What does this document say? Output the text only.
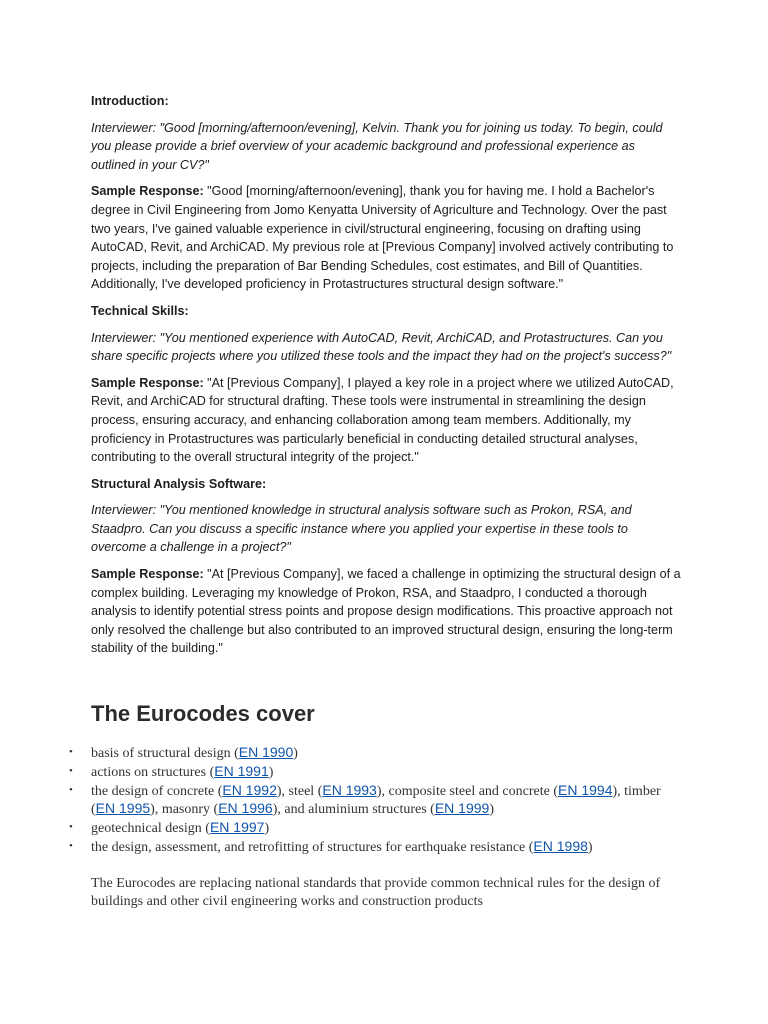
Introduction:

Interviewer: "Good [morning/afternoon/evening], Kelvin. Thank you for joining us today. To begin, could you please provide a brief overview of your academic background and professional experience as outlined in your CV?"

Sample Response: "Good [morning/afternoon/evening], thank you for having me. I hold a Bachelor's degree in Civil Engineering from Jomo Kenyatta University of Agriculture and Technology. Over the past two years, I've gained valuable experience in civil/structural engineering, focusing on drafting using AutoCAD, Revit, and ArchiCAD. My previous role at [Previous Company] involved actively contributing to projects, including the preparation of Bar Bending Schedules, cost estimates, and Bill of Quantities. Additionally, I've developed proficiency in Protastructures structural design software."

Technical Skills:

Interviewer: "You mentioned experience with AutoCAD, Revit, ArchiCAD, and Protastructures. Can you share specific projects where you utilized these tools and the impact they had on the project's success?"

Sample Response: "At [Previous Company], I played a key role in a project where we utilized AutoCAD, Revit, and ArchiCAD for structural drafting. These tools were instrumental in streamlining the design process, ensuring accuracy, and enhancing collaboration among team members. Additionally, my proficiency in Protastructures was particularly beneficial in conducting detailed structural analyses, contributing to the overall structural integrity of the project."

Structural Analysis Software:

Interviewer: "You mentioned knowledge in structural analysis software such as Prokon, RSA, and Staadpro. Can you discuss a specific instance where you applied your expertise in these tools to overcome a challenge in a project?"

Sample Response: "At [Previous Company], we faced a challenge in optimizing the structural design of a complex building. Leveraging my knowledge of Prokon, RSA, and Staadpro, I conducted a thorough analysis to identify potential stress points and propose design modifications. This proactive approach not only resolved the challenge but also contributed to an improved structural design, ensuring the long-term stability of the building."

The Eurocodes cover
• basis of structural design (EN 1990)
• actions on structures (EN 1991)
• the design of concrete (EN 1992), steel (EN 1993), composite steel and concrete (EN 1994), timber (EN 1995), masonry (EN 1996), and aluminium structures (EN 1999)
• geotechnical design (EN 1997)
• the design, assessment, and retrofitting of structures for earthquake resistance (EN 1998)

The Eurocodes are replacing national standards that provide common technical rules for the design of buildings and other civil engineering works and construction products
